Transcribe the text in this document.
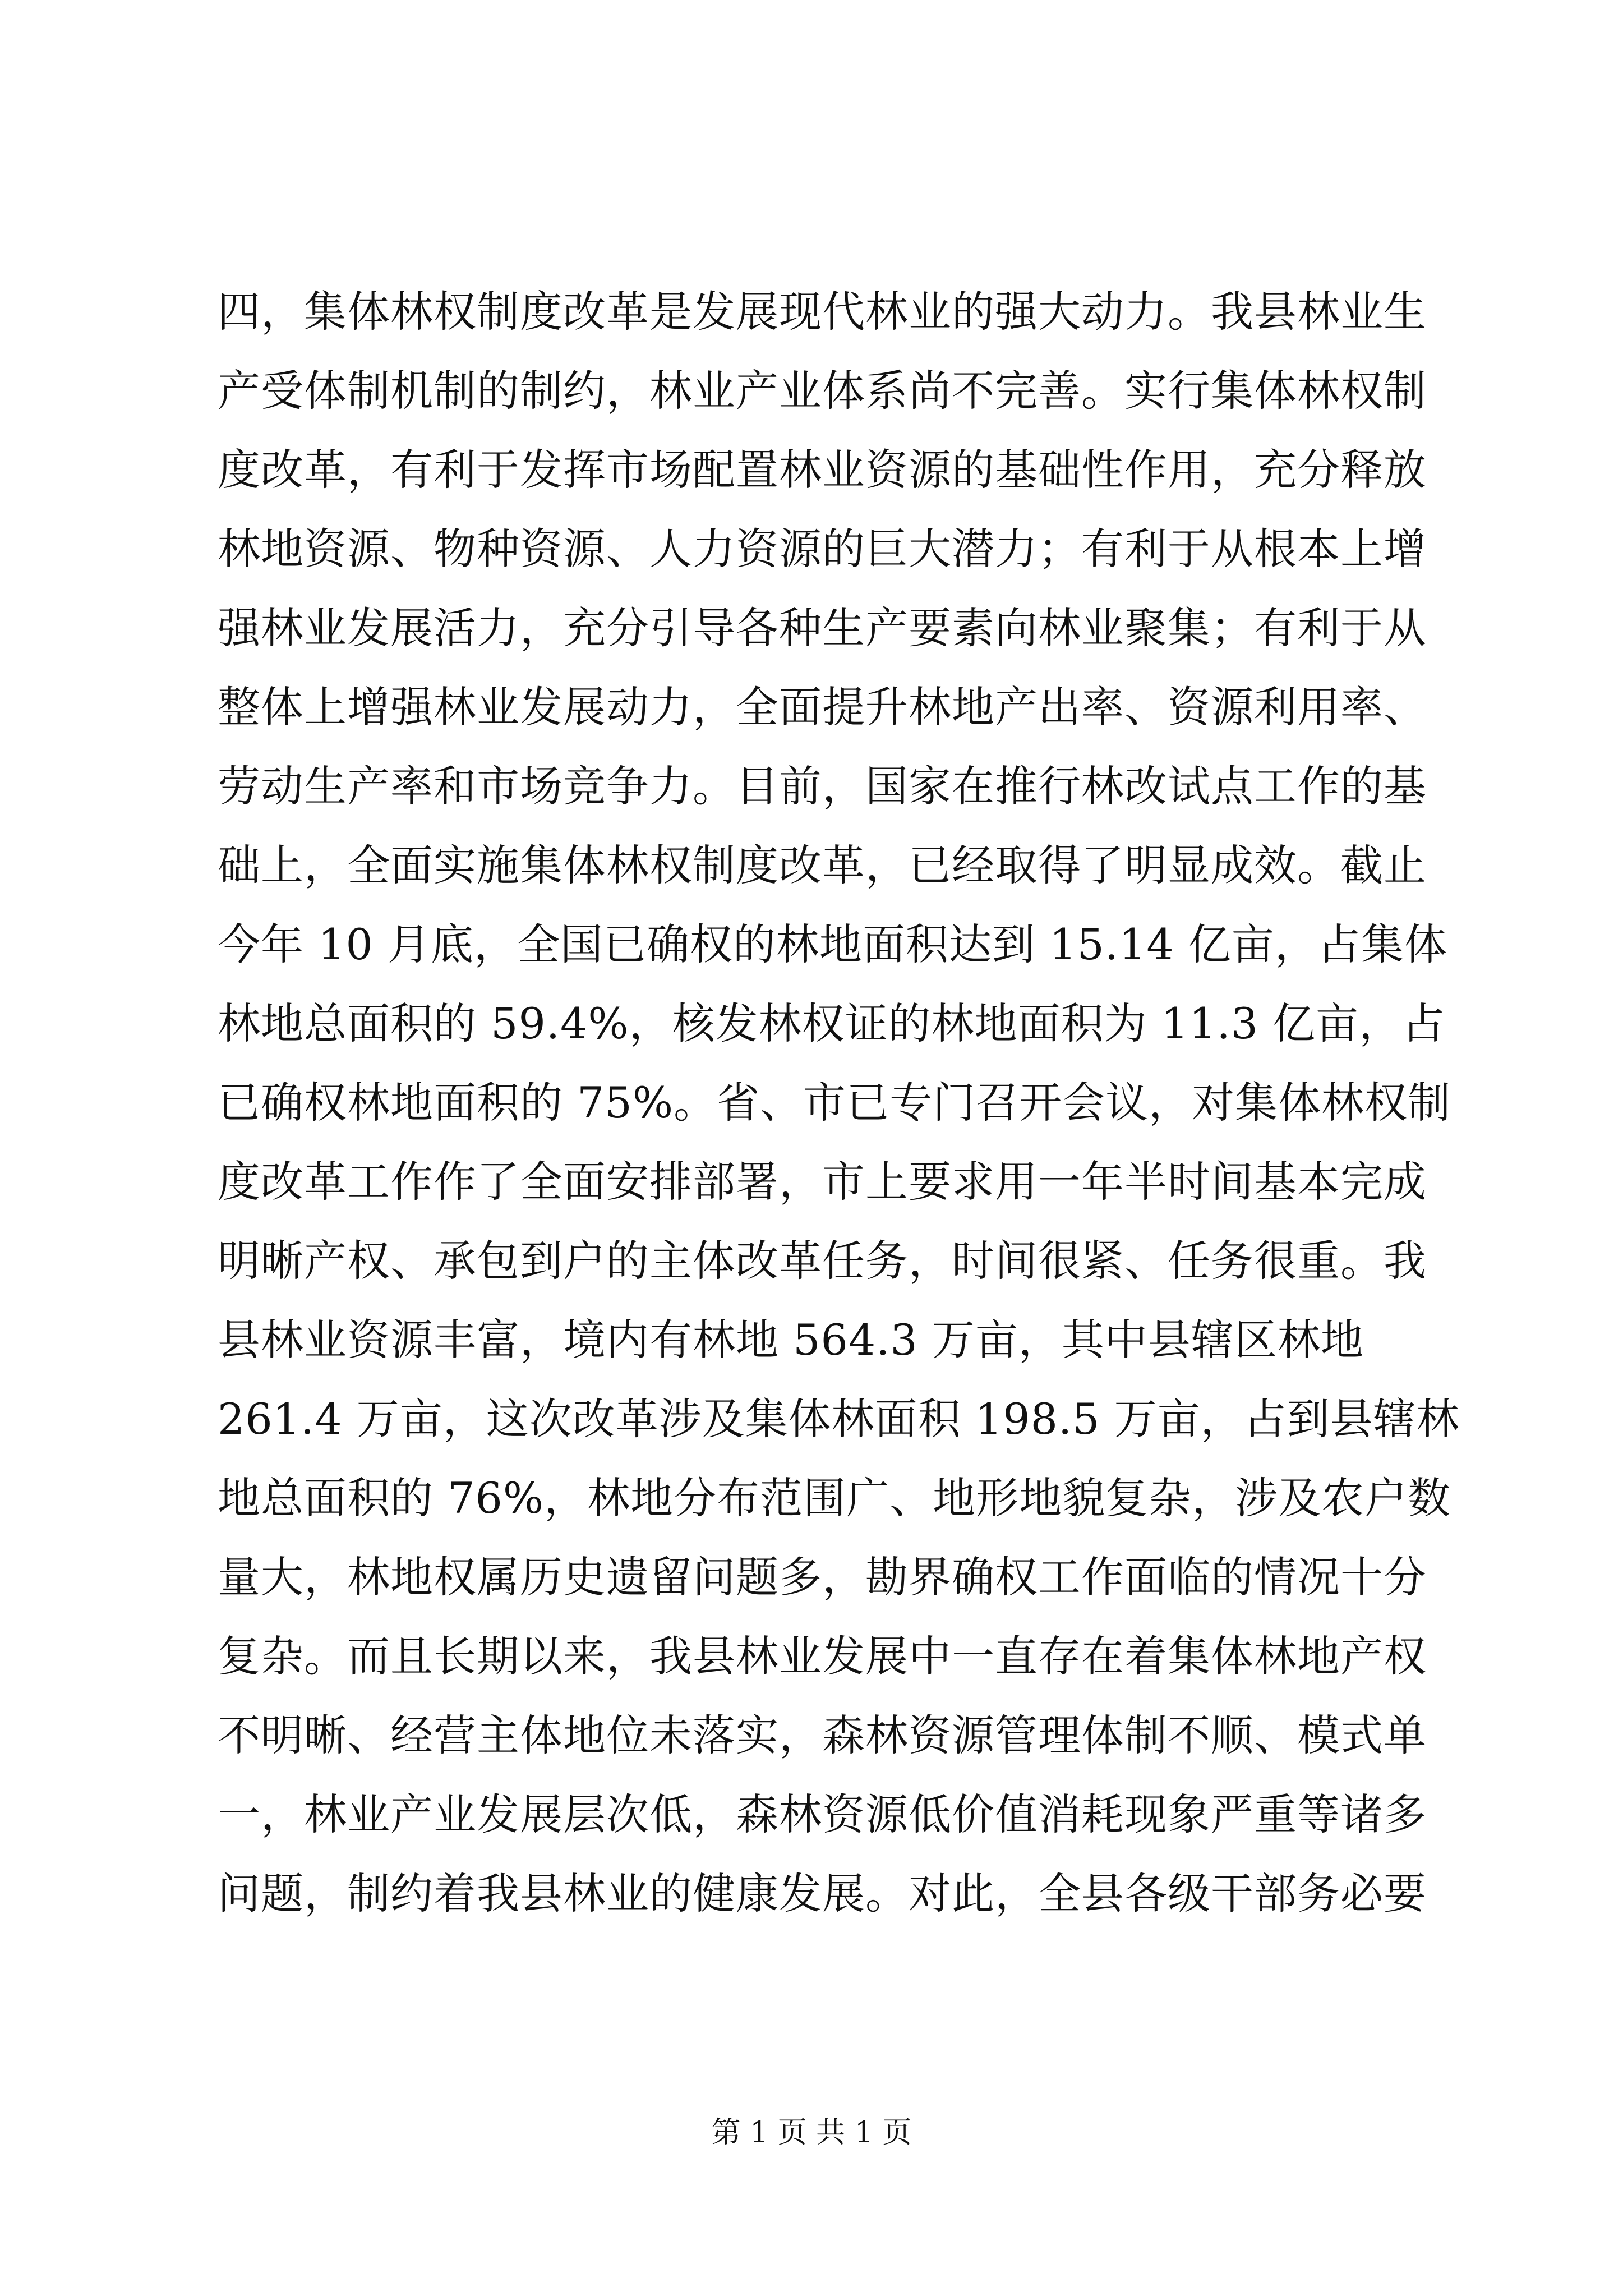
四，集体林权制度改革是发展现代林业的强大动力。我县林业生
产受体制机制的制约，林业产业体系尚不完善。实行集体林权制
度改革，有利于发挥市场配置林业资源的基础性作用，充分释放
林地资源、物种资源、人力资源的巨大潜力；有利于从根本上增
强林业发展活力，充分引导各种生产要素向林业聚集；有利于从
整体上增强林业发展动力，全面提升林地产出率、资源利用率、
劳动生产率和市场竞争力。目前，国家在推行林改试点工作的基
础上，全面实施集体林权制度改革，已经取得了明显成效。截止
今年 10 月底，全国已确权的林地面积达到 15.14 亿亩，占集体
林地总面积的 59.4%，核发林权证的林地面积为 11.3 亿亩，占
已确权林地面积的 75%。省、市已专门召开会议，对集体林权制
度改革工作作了全面安排部署，市上要求用一年半时间基本完成
明晰产权、承包到户的主体改革任务，时间很紧、任务很重。我
县林业资源丰富，境内有林地 564.3 万亩，其中县辖区林地
261.4 万亩，这次改革涉及集体林面积 198.5 万亩，占到县辖林
地总面积的 76%，林地分布范围广、地形地貌复杂，涉及农户数
量大，林地权属历史遗留问题多，勘界确权工作面临的情况十分
复杂。而且长期以来，我县林业发展中一直存在着集体林地产权
不明晰、经营主体地位未落实，森林资源管理体制不顺、模式单
一，林业产业发展层次低，森林资源低价值消耗现象严重等诸多
问题，制约着我县林业的健康发展。对此，全县各级干部务必要
第 1 页 共 1 页
